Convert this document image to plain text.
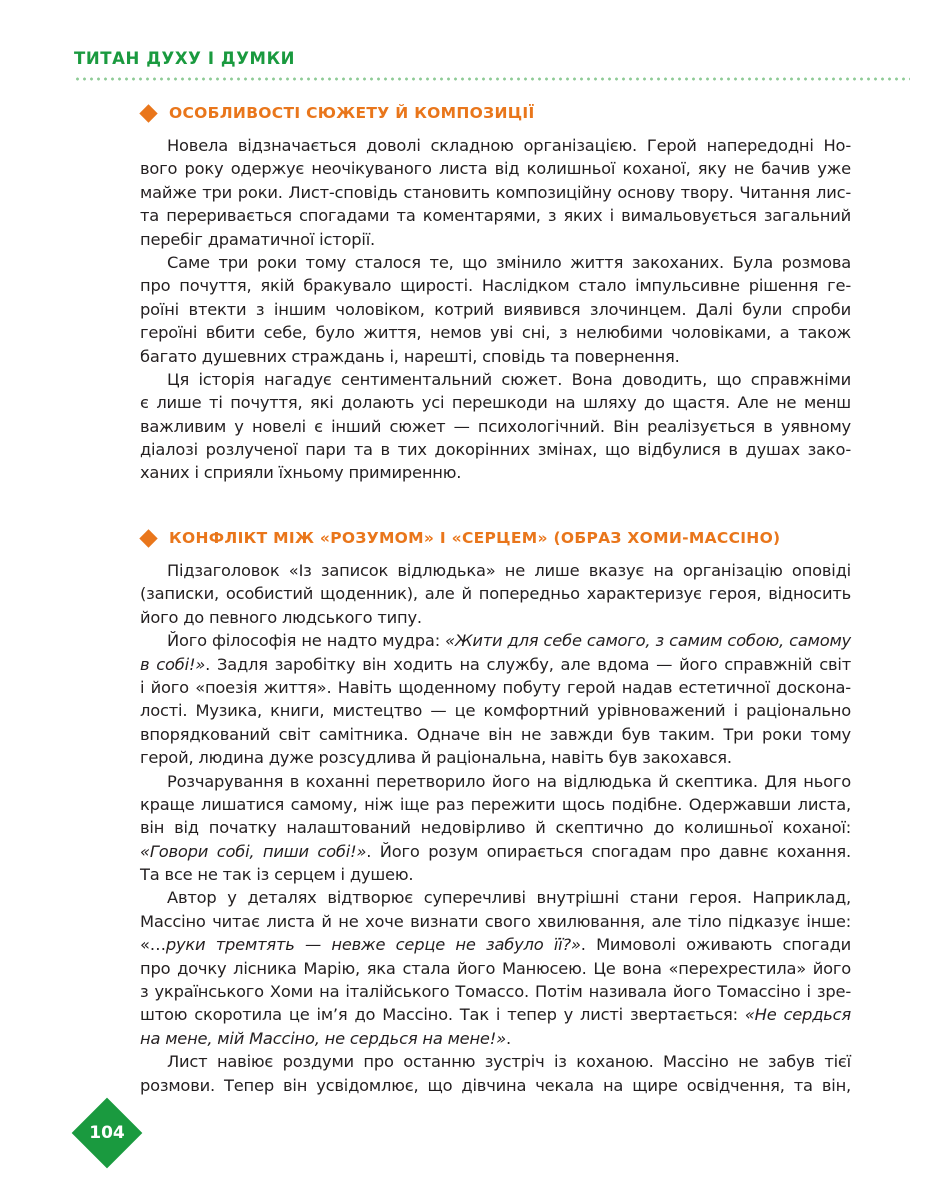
ТИТАН ДУХУ І ДУМКИ
ОСОБЛИВОСТІ СЮЖЕТУ Й КОМПОЗИЦІЇ
Новела відзначається доволі складною організацією. Герой напередодні Но-
вого року одержує неочікуваного листа від колишньої коханої, яку не бачив уже
майже три роки. Лист-сповідь становить композиційну основу твору. Читання лис-
та переривається спогадами та коментарями, з яких і вимальовується загальний
перебіг драматичної історії.
Саме три роки тому сталося те, що змінило життя закоханих. Була розмова
про почуття, якій бракувало щирості. Наслідком стало імпульсивне рішення ге-
роїні втекти з іншим чоловіком, котрий виявився злочинцем. Далі були спроби
героїні вбити себе, було життя, немов уві сні, з нелюбими чоловіками, а також
багато душевних страждань і, нарешті, сповідь та повернення.
Ця історія нагадує сентиментальний сюжет. Вона доводить, що справжніми
є лише ті почуття, які долають усі перешкоди на шляху до щастя. Але не менш
важливим у новелі є інший сюжет — психологічний. Він реалізується в уявному
діалозі розлученої пари та в тих докорінних змінах, що відбулися в душах зако-
ханих і сприяли їхньому примиренню.
КОНФЛІКТ МІЖ «РОЗУМОМ» І «СЕРЦЕМ» (ОБРАЗ ХОМИ-МАССІНО)
Підзаголовок «Із записок відлюдька» не лише вказує на організацію оповіді
(записки, особистий щоденник), але й попередньо характеризує героя, відносить
його до певного людського типу.
Його філософія не надто мудра: «Жити для себе самого, з самим собою, самому
в собі!». Задля заробітку він ходить на службу, але вдома — його справжній світ
і його «поезія життя». Навіть щоденному побуту герой надав естетичної доскона-
лості. Музика, книги, мистецтво — це комфортний урівноважений і раціонально
впорядкований світ самітника. Одначе він не завжди був таким. Три роки тому
герой, людина дуже розсудлива й раціональна, навіть був закохався.
Розчарування в коханні перетворило його на відлюдька й скептика. Для нього
краще лишатися самому, ніж іще раз пережити щось подібне. Одержавши листа,
він від початку налаштований недовірливо й скептично до колишньої коханої:
«Говори собі, пиши собі!». Його розум опирається спогадам про давнє кохання.
Та все не так із серцем і душею.
Автор у деталях відтворює суперечливі внутрішні стани героя. Наприклад,
Массіно читає листа й не хоче визнати свого хвилювання, але тіло підказує інше:
«…руки тремтять — невже серце не забуло її?». Мимоволі оживають спогади
про дочку лісника Марію, яка стала його Манюсею. Це вона «перехрестила» його
з українського Хоми на італійського Томассо. Потім називала його Томассіно і зре-
штою скоротила це ім’я до Массіно. Так і тепер у листі звертається: «Не сердься
на мене, мій Массіно, не сердься на мене!».
Лист навіює роздуми про останню зустріч із коханою. Массіно не забув тієї
розмови. Тепер він усвідомлює, що дівчина чекала на щире освідчення, та він,
104
